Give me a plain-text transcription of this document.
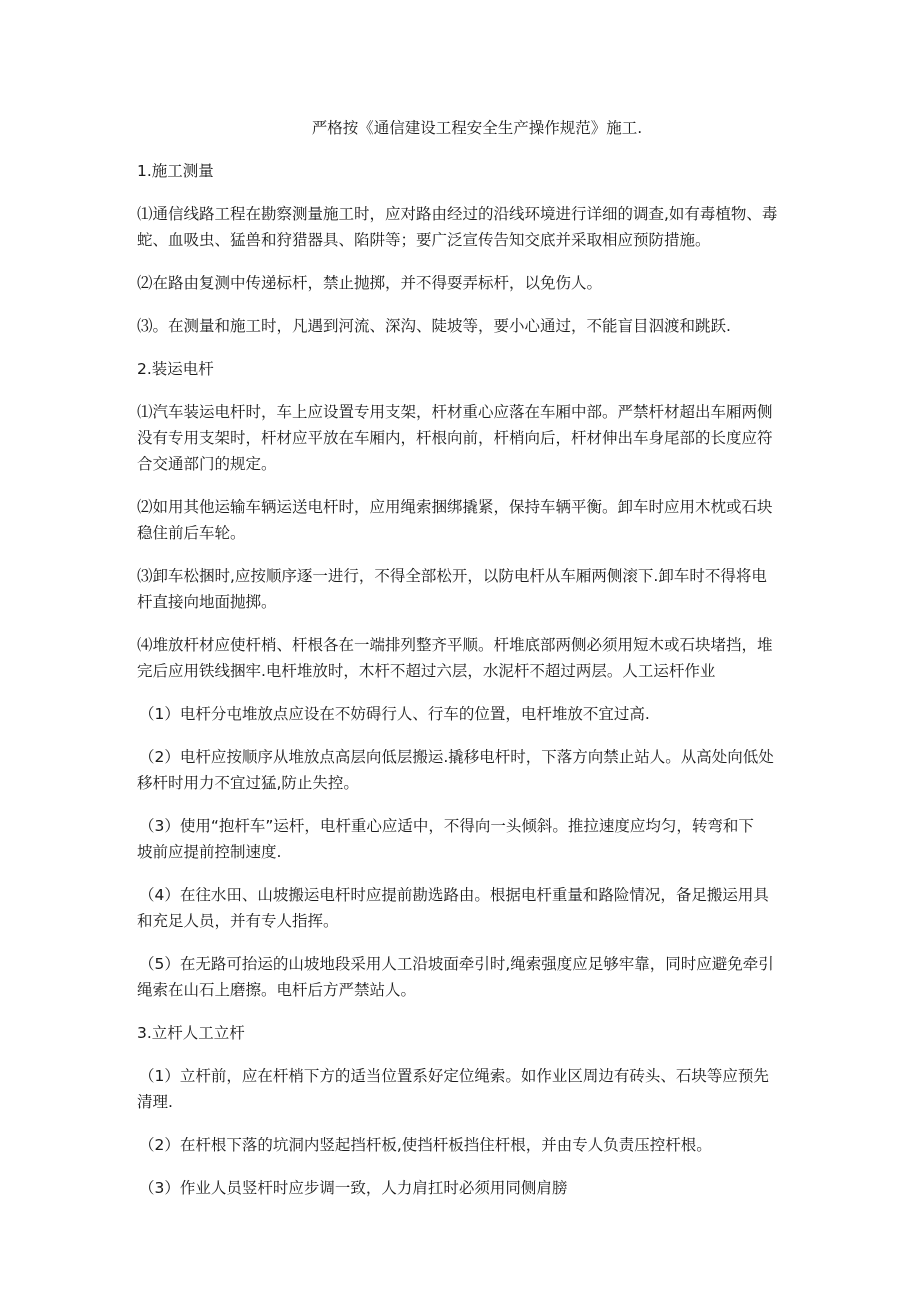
严格按《通信建设工程安全生产操作规范》施工.

1.施工测量

⑴通信线路工程在勘察测量施工时，应对路由经过的沿线环境进行详细的调查,如有毒植物、毒
蛇、血吸虫、猛兽和狩猎器具、陷阱等；要广泛宣传告知交底并采取相应预防措施。

⑵在路由复测中传递标杆，禁止抛掷，并不得耍弄标杆，以免伤人。

⑶。在测量和施工时，凡遇到河流、深沟、陡坡等，要小心通过，不能盲目泅渡和跳跃.

2.装运电杆

⑴汽车装运电杆时，车上应设置专用支架，杆材重心应落在车厢中部。严禁杆材超出车厢两侧
没有专用支架时，杆材应平放在车厢内，杆根向前，杆梢向后，杆材伸出车身尾部的长度应符
合交通部门的规定。

⑵如用其他运输车辆运送电杆时，应用绳索捆绑撬紧，保持车辆平衡。卸车时应用木枕或石块
稳住前后车轮。

⑶卸车松捆时,应按顺序逐一进行，不得全部松开，以防电杆从车厢两侧滚下.卸车时不得将电
杆直接向地面抛掷。

⑷堆放杆材应使杆梢、杆根各在一端排列整齐平顺。杆堆底部两侧必须用短木或石块堵挡，堆
完后应用铁线捆牢.电杆堆放时，木杆不超过六层，水泥杆不超过两层。人工运杆作业

（1）电杆分屯堆放点应设在不妨碍行人、行车的位置，电杆堆放不宜过高.

（2）电杆应按顺序从堆放点高层向低层搬运.撬移电杆时，下落方向禁止站人。从高处向低处
移杆时用力不宜过猛,防止失控。

（3）使用“抱杆车”运杆，电杆重心应适中，不得向一头倾斜。推拉速度应均匀，转弯和下
坡前应提前控制速度.

（4）在往水田、山坡搬运电杆时应提前勘选路由。根据电杆重量和路险情况，备足搬运用具
和充足人员，并有专人指挥。

（5）在无路可抬运的山坡地段采用人工沿坡面牵引时,绳索强度应足够牢靠，同时应避免牵引
绳索在山石上磨擦。电杆后方严禁站人。

3.立杆人工立杆

（1）立杆前，应在杆梢下方的适当位置系好定位绳索。如作业区周边有砖头、石块等应预先
清理.

（2）在杆根下落的坑洞内竖起挡杆板,使挡杆板挡住杆根，并由专人负责压控杆根。

（3）作业人员竖杆时应步调一致，人力肩扛时必须用同侧肩膀
